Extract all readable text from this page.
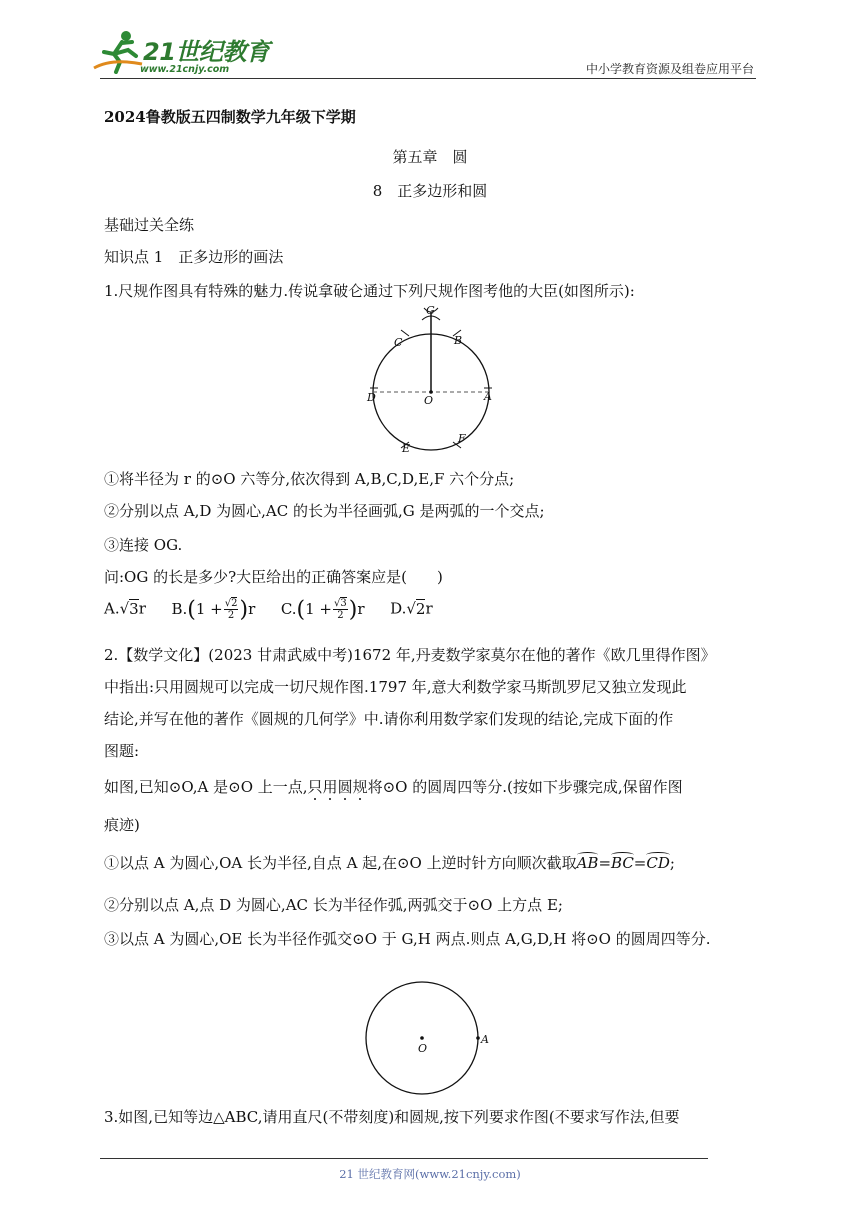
21世纪教育
www.21cnjy.com	中小学教育资源及组卷应用平台
2024鲁教版五四制数学九年级下学期
第五章　圆
8　正多边形和圆
基础过关全练
知识点 1　正多边形的画法
1.尺规作图具有特殊的魅力.传说拿破仑通过下列尺规作图考他的大臣(如图所示):
G
B
C
D	O	A
E
F
①将半径为 r 的⊙O 六等分,依次得到 A,B,C,D,E,F 六个分点;
②分别以点 A,D 为圆心,AC 的长为半径画弧,G 是两弧的一个交点;
③连接 OG.
问:OG 的长是多少?大臣给出的正确答案应是(　　)
A.√3r $B.(1 + \frac{√2}{2} )r$ $C.(1 + \frac{√3}{2} )r$ D.√2r
2.【数学文化】(2023 甘肃武威中考)1672 年,丹麦数学家莫尔在他的著作《欧几里得作图》
中指出:只用圆规可以完成一切尺规作图.1797 年,意大利数学家马斯凯罗尼又独立发现此
结论,并写在他的著作《圆规的几何学》中.请你利用数学家们发现的结论,完成下面的作
图题:
如图,已知⊙O,A 是⊙O 上一点,只用圆规将⊙O 的圆周四等分.(按如下步骤完成,保留作图
痕迹)
①以点 A 为圆心,OA 长为半径,自点 A 起,在⊙O 上逆时针方向顺次截取AB=BC=CD;
②分别以点 A,点 D 为圆心,AC 长为半径作弧,两弧交于⊙O 上方点 E;
③以点 A 为圆心,OE 长为半径作弧交⊙O 于 G,H 两点.则点 A,G,D,H 将⊙O 的圆周四等分.
O
A
3.如图,已知等边△ABC,请用直尺(不带刻度)和圆规,按下列要求作图(不要求写作法,但要
21 世纪教育网(www.21cnjy.com)
